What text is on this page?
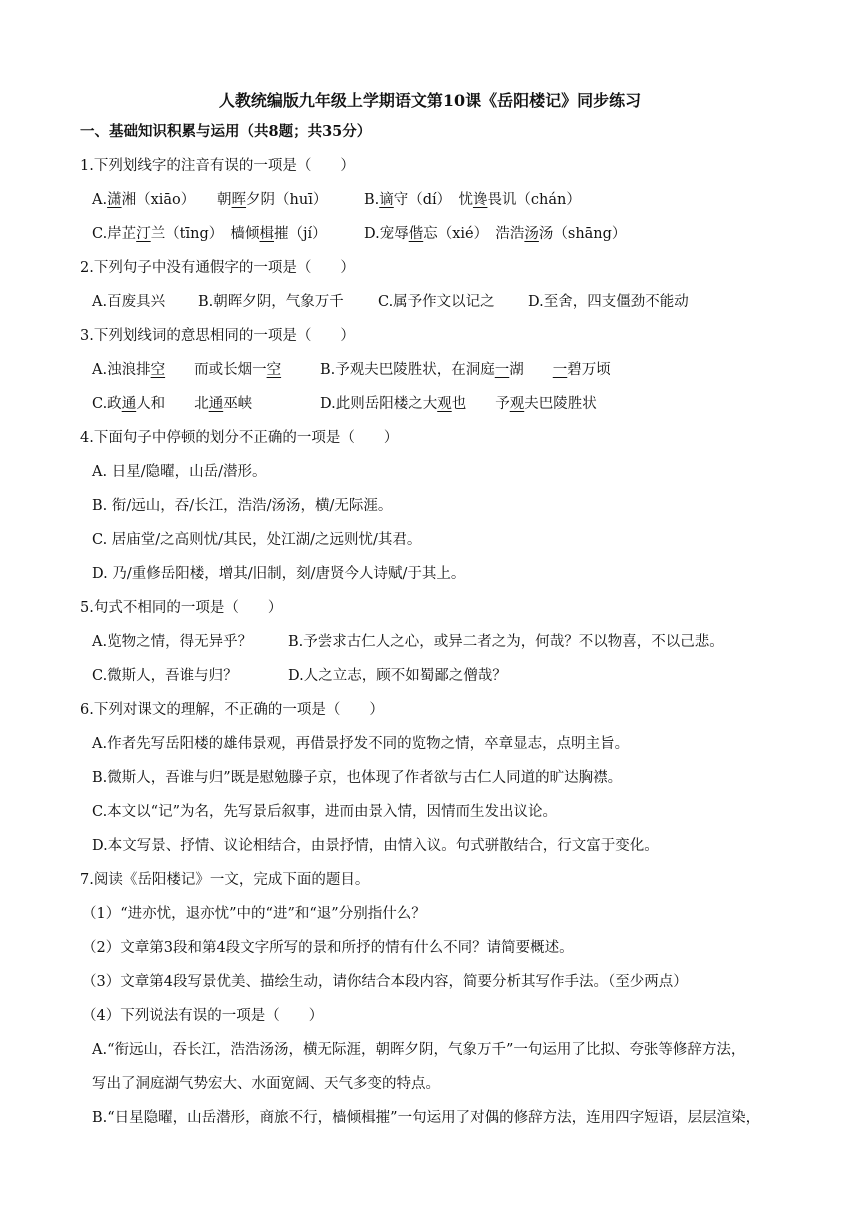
人教统编版九年级上学期语文第10课《岳阳楼记》同步练习
一、基础知识积累与运用（共8题；共35分）
1.下列划线字的注音有误的一项是（　　）
A.潇湘（xiāo）　　 朝晖夕阴（huī）	B.谪守（dí）　 忧谗畏讥（chán）
C.岸芷汀兰（tīng）　 樯倾楫摧（jí）	D.宠辱偕忘（xié）　 浩浩汤汤（shāng）
2.下列句子中没有通假字的一项是（　　）
A.百废具兴 B.朝晖夕阴，气象万千 C.属予作文以记之 D.至舍，四支僵劲不能动
3.下列划线词的意思相同的一项是（　　）
A.浊浪排空　　 而或长烟一空	B.予观夫巴陵胜状，在洞庭一湖　　 一碧万顷
C.政通人和　　 北通巫峡	D.此则岳阳楼之大观也　　 予观夫巴陵胜状
4.下面句子中停顿的划分不正确的一项是（　　）
A. 日星/隐曜，山岳/潜形。
B. 衔/远山，吞/长江，浩浩/汤汤，横/无际涯。
C. 居庙堂/之高则忧/其民，处江湖/之远则忧/其君。
D. 乃/重修岳阳楼，增其/旧制，刻/唐贤今人诗赋/于其上。
5.句式不相同的一项是（　　）
A.览物之情，得无异乎？ B.予尝求古仁人之心，或异二者之为，何哉？不以物喜，不以己悲。
C.微斯人，吾谁与归？	D.人之立志，顾不如蜀鄙之僧哉？
6.下列对课文的理解，不正确的一项是（　　）
A.作者先写岳阳楼的雄伟景观，再借景抒发不同的览物之情，卒章显志，点明主旨。
B.微斯人，吾谁与归”既是慰勉滕子京，也体现了作者欲与古仁人同道的旷达胸襟。
C.本文以“记”为名，先写景后叙事，进而由景入情，因情而生发出议论。
D.本文写景、抒情、议论相结合，由景抒情，由情入议。句式骈散结合，行文富于变化。
7.阅读《岳阳楼记》一文，完成下面的题目。
（1）“进亦忧，退亦忧”中的“进”和“退”分别指什么？
（2）文章第3段和第4段文字所写的景和所抒的情有什么不同？请简要概述。
（3）文章第4段写景优美、描绘生动，请你结合本段内容，简要分析其写作手法。（至少两点）
（4）下列说法有误的一项是（　　）
A.“衔远山，吞长江，浩浩汤汤，横无际涯，朝晖夕阴，气象万千”一句运用了比拟、夸张等修辞方法，
写出了洞庭湖气势宏大、水面宽阔、天气多变的特点。
B.“日星隐曜，山岳潜形，商旅不行，樯倾楫摧”一句运用了对偶的修辞方法，连用四字短语，层层渲染，
